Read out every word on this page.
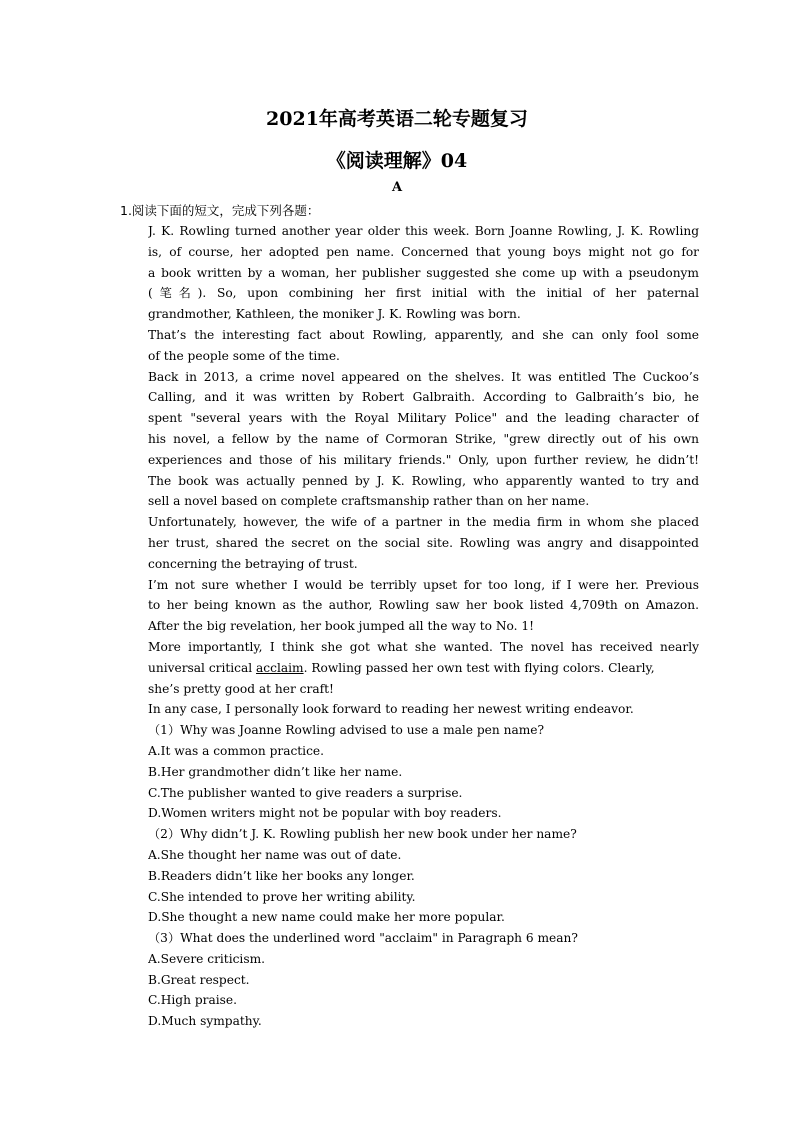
2021年高考英语二轮专题复习
《阅读理解》04
A
1.阅读下面的短文，完成下列各题：
J. K. Rowling turned another year older this week. Born Joanne Rowling, J. K. Rowling
is, of course, her adopted pen name. Concerned that young boys might not go for
a book written by a woman, her publisher suggested she come up with a pseudonym
(笔名). So, upon combining her first initial with the initial of her paternal
grandmother, Kathleen, the moniker J. K. Rowling was born.
That’s the interesting fact about Rowling, apparently, and she can only fool some
of the people some of the time.
Back in 2013, a crime novel appeared on the shelves. It was entitled The Cuckoo’s
Calling, and it was written by Robert Galbraith. According to Galbraith’s bio, he
spent "several years with the Royal Military Police" and the leading character of
his novel, a fellow by the name of Cormoran Strike, "grew directly out of his own
experiences and those of his military friends." Only, upon further review, he didn’t!
The book was actually penned by J. K. Rowling, who apparently wanted to try and
sell a novel based on complete craftsmanship rather than on her name.
Unfortunately, however, the wife of a partner in the media firm in whom she placed
her trust, shared the secret on the social site. Rowling was angry and disappointed
concerning the betraying of trust.
I’m not sure whether I would be terribly upset for too long, if I were her. Previous
to her being known as the author, Rowling saw her book listed 4,709th on Amazon.
After the big revelation, her book jumped all the way to No. 1!
More importantly, I think she got what she wanted. The novel has received nearly
universal critical acclaim. Rowling passed her own test with flying colors. Clearly,
she’s pretty good at her craft!
In any case, I personally look forward to reading her newest writing endeavor.
（1）Why was Joanne Rowling advised to use a male pen name?
A.It was a common practice.
B.Her grandmother didn’t like her name.
C.The publisher wanted to give readers a surprise.
D.Women writers might not be popular with boy readers.
（2）Why didn’t J. K. Rowling publish her new book under her name?
A.She thought her name was out of date.
B.Readers didn’t like her books any longer.
C.She intended to prove her writing ability.
D.She thought a new name could make her more popular.
（3）What does the underlined word "acclaim" in Paragraph 6 mean?
A.Severe criticism.
B.Great respect.
C.High praise.
D.Much sympathy.
